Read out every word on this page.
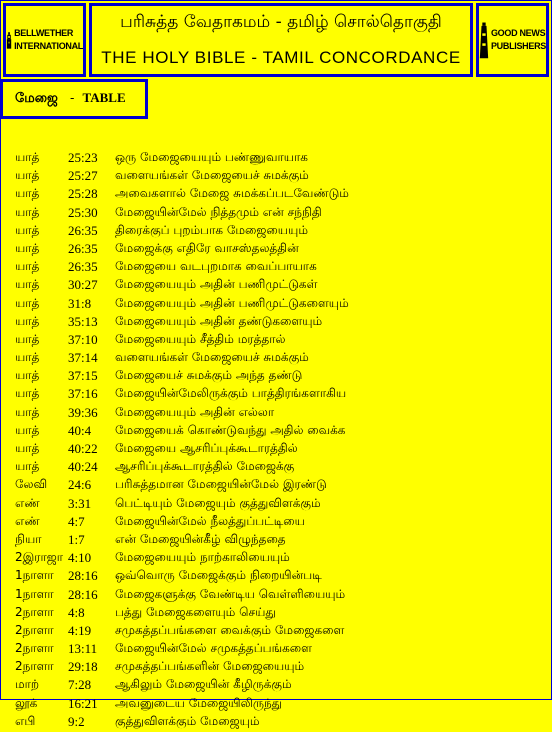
BELLWETHER
INTERNATIONAL
பரிசுத்த வேதாகமம் - தமிழ் சொல்தொகுதி
THE HOLY BIBLE - TAMIL CONCORDANCE
GOOD NEWS
PUBLISHERS
மேஜை - TABLE
யாத் 25:23 ஒரு மேஜையையும் பண்ணுவாயாக
யாத் 25:27 வளையங்கள் மேஜையைச் சுமக்கும்
யாத் 25:28 அவைகளால் மேஜை சுமக்கப்படவேண்டும்
யாத் 25:30 மேஜையின்மேல் நித்தமும் என் சந்நிதி
யாத் 26:35 திரைக்குப் புறம்பாக மேஜையையும்
யாத் 26:35 மேஜைக்கு எதிரே வாசஸ்தலத்தின்
யாத் 26:35 மேஜையை வடபுறமாக வைப்பாயாக
யாத் 30:27 மேஜையையும் அதின் பணிமுட்டுகள்
யாத் 31:8 மேஜையையும் அதின் பணிமுட்டுகளையும்
யாத் 35:13 மேஜையையும் அதின் தண்டுகளையும்
யாத் 37:10 மேஜையையும் சீத்திம் மரத்தால்
யாத் 37:14 வளையங்கள் மேஜையைச் சுமக்கும்
யாத் 37:15 மேஜையைச் சுமக்கும் அந்த தண்டு
யாத் 37:16 மேஜையின்மேலிருக்கும் பாத்திரங்களாகிய
யாத் 39:36 மேஜையையும் அதின் எல்லா
யாத் 40:4 மேஜையைக் கொண்டுவந்து அதில் வைக்க
யாத் 40:22 மேஜையை ஆசரிப்புக்கூடாரத்தில்
யாத் 40:24 ஆசரிப்புக்கூடாரத்தில் மேஜைக்கு
லேவி 24:6 பரிசுத்தமான மேஜையின்மேல் இரண்டு
எண் 3:31 பெட்டியும் மேஜையும் குத்துவிளக்கும்
எண் 4:7	மேஜையின்மேல் நீலத்துப்பட்டியை
நியா 1:7	என் மேஜையின்கீழ் விழுந்ததை
2இராஜா 4:10 மேஜையையும் நாற்காலியையும்
1நாளா 28:16 ஒவ்வொரு மேஜைக்கும் நிறையின்படி
1நாளா 28:16 மேஜைகளுக்கு வேண்டிய வெள்ளியையும்
2நாளா 4:8	பத்து மேஜைகளையும் செய்து
2நாளா 4:19 சமுகத்தப்பங்களை வைக்கும் மேஜைகளை
2நாளா 13:11 மேஜையின்மேல் சமுகத்தப்பங்களை
2நாளா 29:18 சமுகத்தப்பங்களின் மேஜையையும்
மாற் 7:28 ஆகிலும் மேஜையின் கீழிருக்கும்
லூக் 16:21 அவனுடைய மேஜையிலிருந்து
எபி	9:2	குத்துவிளக்கும் மேஜையும்
